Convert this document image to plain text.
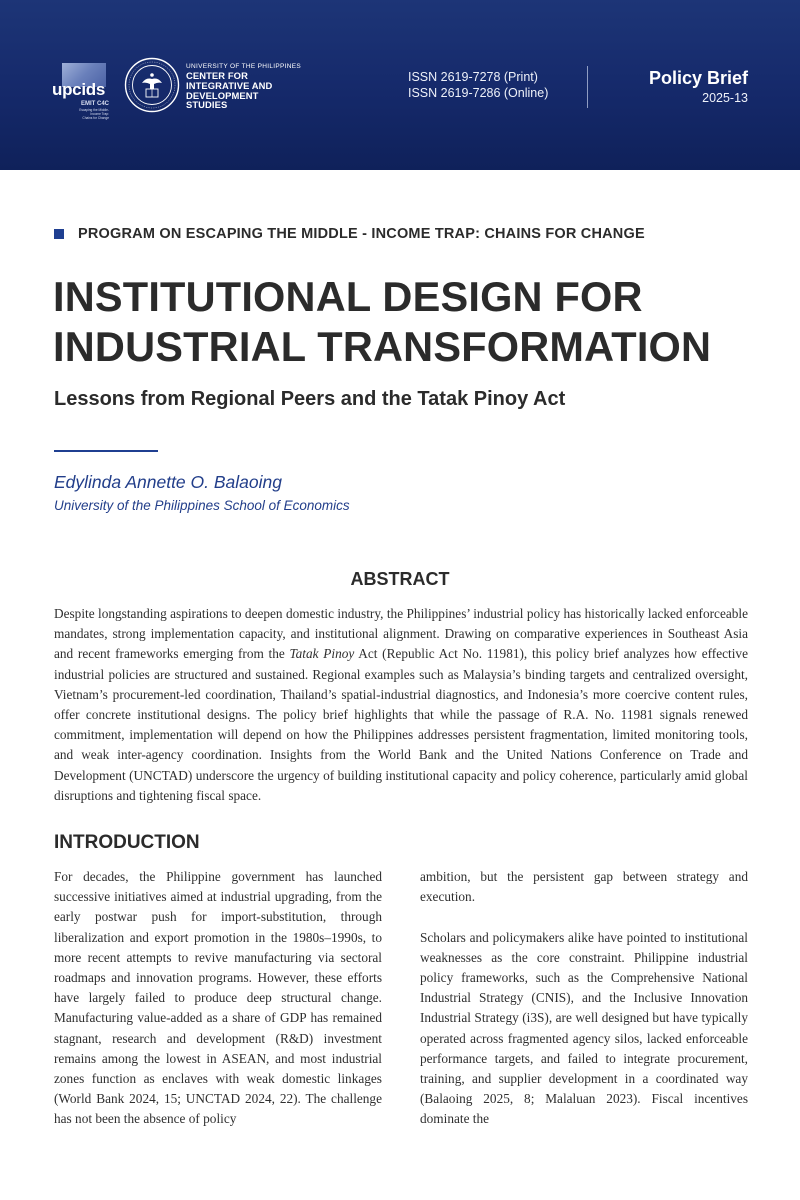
upcids
EMIT C4C
Escaping the Middle-Income Trap:
Chains for Change
UNIVERSITY OF THE PHILIPPINES
CENTER FOR
INTEGRATIVE AND
DEVELOPMENT
STUDIES
ISSN 2619-7278 (Print)
ISSN 2619-7286 (Online)
Policy Brief
2025-13
PROGRAM ON ESCAPING THE MIDDLE - INCOME TRAP: CHAINS FOR CHANGE
INSTITUTIONAL DESIGN FOR
INDUSTRIAL TRANSFORMATION
Lessons from Regional Peers and the Tatak Pinoy Act
Edylinda Annette O. Balaoing
University of the Philippines School of Economics
ABSTRACT

Despite longstanding aspirations to deepen domestic industry, the Philippines’ industrial policy has historically lacked enforceable mandates, strong implementation capacity, and institutional alignment. Drawing on comparative experiences in Southeast Asia and recent frameworks emerging from the Tatak Pinoy Act (Republic Act No. 11981), this policy brief analyzes how effective industrial policies are structured and sustained. Regional examples such as Malaysia’s binding targets and centralized oversight, Vietnam’s procurement-led coordination, Thailand’s spatial-industrial diagnostics, and Indonesia’s more coercive content rules, offer concrete institutional designs. The policy brief highlights that while the passage of R.A. No. 11981 signals renewed commitment, implementation will depend on how the Philippines addresses persistent fragmentation, limited monitoring tools, and weak inter-agency coordination. Insights from the World Bank and the United Nations Conference on Trade and Development (UNCTAD) underscore the urgency of building institutional capacity and policy coherence, particularly amid global disruptions and tightening fiscal space.

INTRODUCTION

For decades, the Philippine government has launched successive initiatives aimed at industrial upgrading, from the early postwar push for import-substitution, through liberalization and export promotion in the 1980s–1990s, to more recent attempts to revive manufacturing via sectoral roadmaps and innovation programs. However, these efforts have largely failed to produce deep structural change. Manufacturing value-added as a share of GDP has remained stagnant, research and development (R&D) investment remains among the lowest in ASEAN, and most industrial zones function as enclaves with weak domestic linkages (World Bank 2024, 15; UNCTAD 2024, 22). The challenge has not been the absence of policy

ambition, but the persistent gap between strategy and execution.

Scholars and policymakers alike have pointed to institutional weaknesses as the core constraint. Philippine industrial policy frameworks, such as the Comprehensive National Industrial Strategy (CNIS), and the Inclusive Innovation Industrial Strategy (i3S), are well designed but have typically operated across fragmented agency silos, lacked enforceable performance targets, and failed to integrate procurement, training, and supplier development in a coordinated way (Balaoing 2025, 8; Malaluan 2023). Fiscal incentives dominate the
